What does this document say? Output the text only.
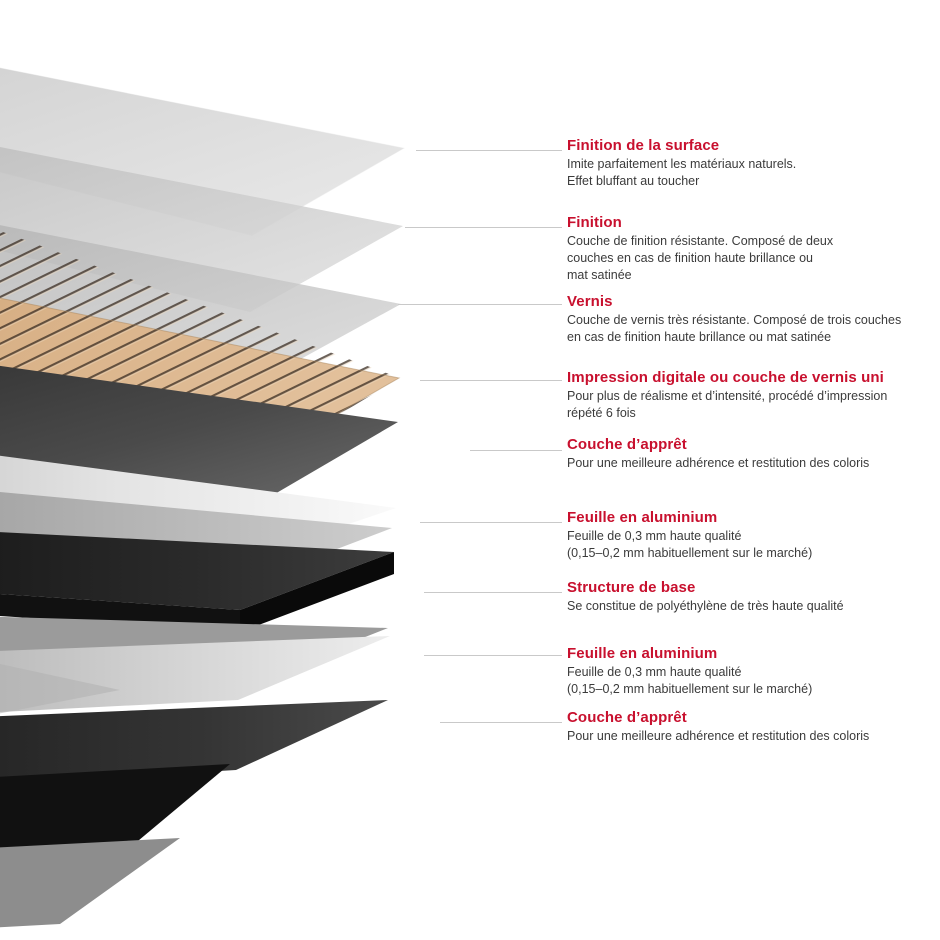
Finition de la surface

Imite parfaitement les matériaux naturels.

Effet bluffant au toucher

Finition

Couche de finition résistante. Composé de deux

couches en cas de finition haute brillance ou

mat satinée

Vernis

Couche de vernis très résistante. Composé de trois couches

en cas de finition haute brillance ou mat satinée

Impression digitale ou couche de vernis uni

Pour plus de réalisme et d’intensité, procédé d’impression

répété 6 fois

Couche d’apprêt

Pour une meilleure adhérence et restitution des coloris

Feuille en aluminium

Feuille de 0,3 mm haute qualité

(0,15–0,2 mm habituellement sur le marché)

Structure de base

Se constitue de polyéthylène de très haute qualité

Feuille en aluminium

Feuille de 0,3 mm haute qualité

(0,15–0,2 mm habituellement sur le marché)

Couche d’apprêt

Pour une meilleure adhérence et restitution des coloris
